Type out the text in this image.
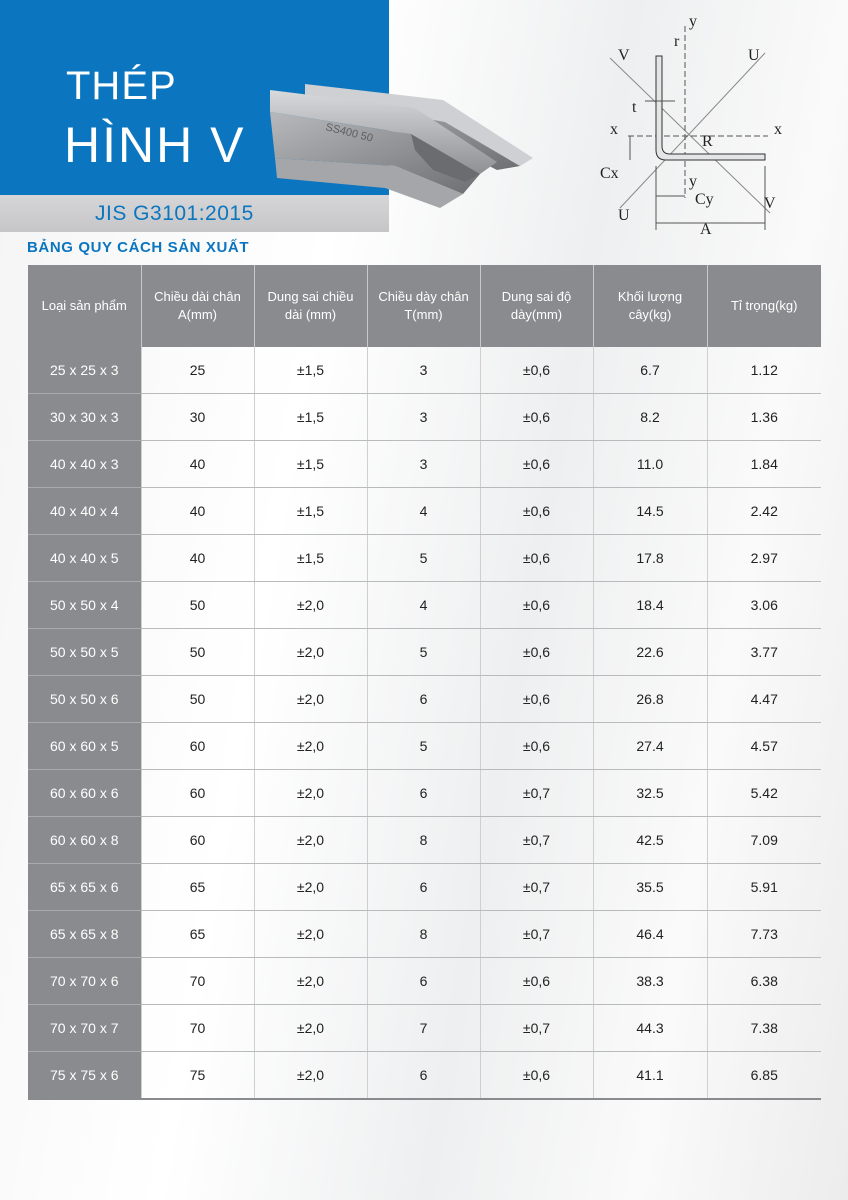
THÉP
HÌNH V
JIS G3101:2015
SS400 50
y
r
V	U
t
x
R
x
Cx	y
Cy
U
V
A
BẢNG QUY CÁCH SẢN XUẤT
Loại sản phẩm	Chiều dài chân A(mm)	Dung sai chiều dài (mm)	Chiều dày chân T(mm)	Dung sai độ dày(mm)	Khối lượng cây(kg)	Tỉ trọng(kg)
25 x 25 x 3	25	±1,5	3	±0,6	6.7	1.12
30 x 30 x 3	30	±1,5	3	±0,6	8.2	1.36
40 x 40 x 3	40	±1,5	3	±0,6	11.0	1.84
40 x 40 x 4	40	±1,5	4	±0,6	14.5	2.42
40 x 40 x 5	40	±1,5	5	±0,6	17.8	2.97
50 x 50 x 4	50	±2,0	4	±0,6	18.4	3.06
50 x 50 x 5	50	±2,0	5	±0,6	22.6	3.77
50 x 50 x 6	50	±2,0	6	±0,6	26.8	4.47
60 x 60 x 5	60	±2,0	5	±0,6	27.4	4.57
60 x 60 x 6	60	±2,0	6	±0,7	32.5	5.42
60 x 60 x 8	60	±2,0	8	±0,7	42.5	7.09
65 x 65 x 6	65	±2,0	6	±0,7	35.5	5.91
65 x 65 x 8	65	±2,0	8	±0,7	46.4	7.73
70 x 70 x 6	70	±2,0	6	±0,6	38.3	6.38
70 x 70 x 7	70	±2,0	7	±0,7	44.3	7.38
75 x 75 x 6	75	±2,0	6	±0,6	41.1	6.85
